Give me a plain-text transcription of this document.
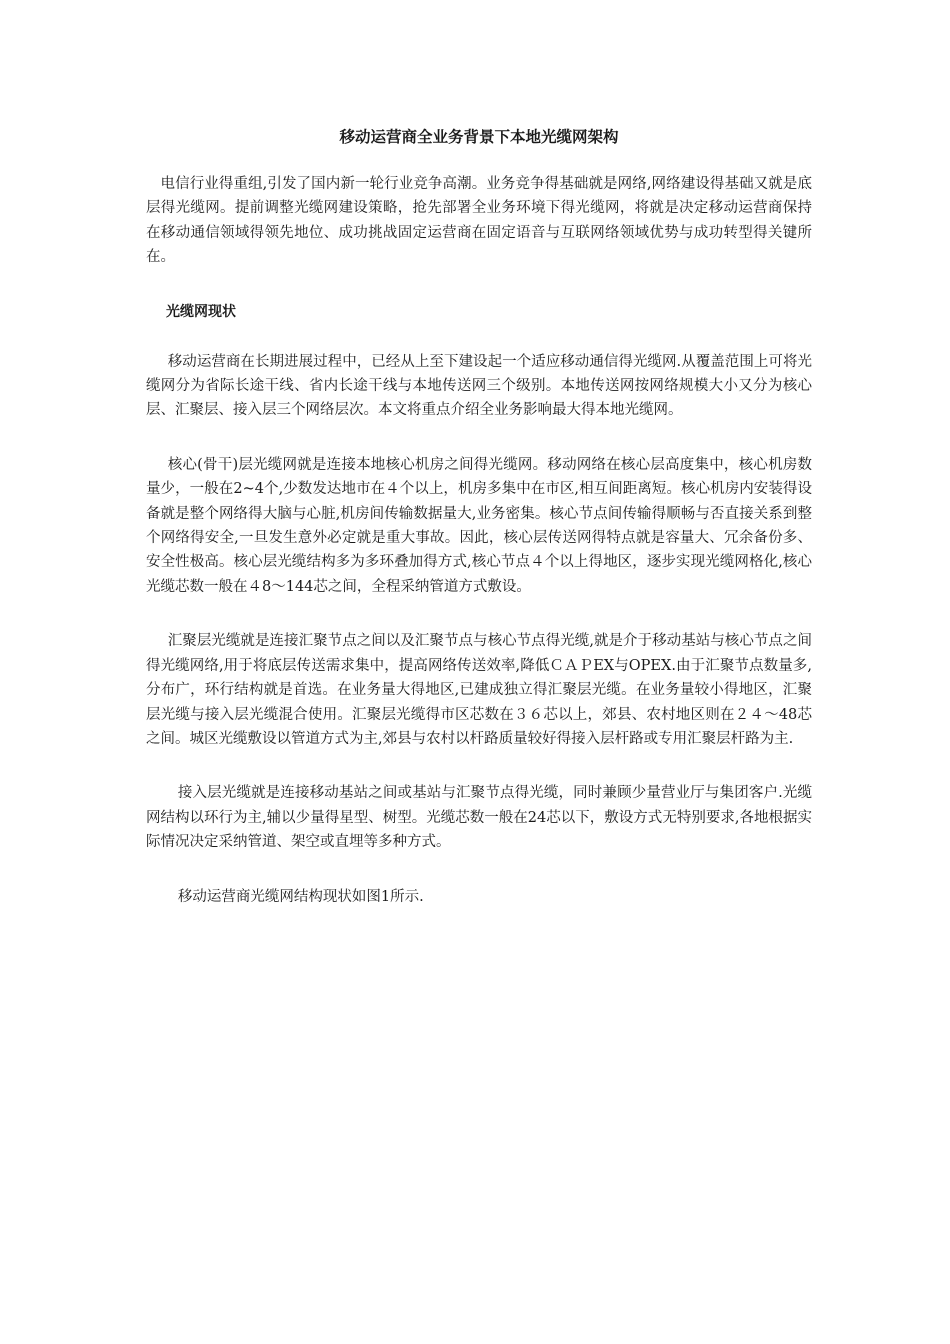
移动运营商全业务背景下本地光缆网架构

电信行业得重组,引发了国内新一轮行业竞争高潮。业务竞争得基础就是网络,网络建设得基础又就是底层得光缆网。提前调整光缆网建设策略，抢先部署全业务环境下得光缆网，将就是决定移动运营商保持在移动通信领域得领先地位、成功挑战固定运营商在固定语音与互联网络领域优势与成功转型得关键所在。

光缆网现状

移动运营商在长期进展过程中，已经从上至下建设起一个适应移动通信得光缆网.从覆盖范围上可将光缆网分为省际长途干线、省内长途干线与本地传送网三个级别。本地传送网按网络规模大小又分为核心层、汇聚层、接入层三个网络层次。本文将重点介绍全业务影响最大得本地光缆网。

核心(骨干)层光缆网就是连接本地核心机房之间得光缆网。移动网络在核心层高度集中，核心机房数量少，一般在2~4个,少数发达地市在４个以上，机房多集中在市区,相互间距离短。核心机房内安装得设备就是整个网络得大脑与心脏,机房间传输数据量大,业务密集。核心节点间传输得顺畅与否直接关系到整个网络得安全,一旦发生意外必定就是重大事故。因此，核心层传送网得特点就是容量大、冗余备份多、安全性极高。核心层光缆结构多为多环叠加得方式,核心节点４个以上得地区，逐步实现光缆网格化,核心光缆芯数一般在４8～144芯之间，全程采纳管道方式敷设。

汇聚层光缆就是连接汇聚节点之间以及汇聚节点与核心节点得光缆,就是介于移动基站与核心节点之间得光缆网络,用于将底层传送需求集中，提高网络传送效率,降低ＣＡＰEX与OPEX.由于汇聚节点数量多,分布广，环行结构就是首选。在业务量大得地区,已建成独立得汇聚层光缆。在业务量较小得地区，汇聚层光缆与接入层光缆混合使用。汇聚层光缆得市区芯数在３６芯以上，郊县、农村地区则在２４～48芯之间。城区光缆敷设以管道方式为主,郊县与农村以杆路质量较好得接入层杆路或专用汇聚层杆路为主.

接入层光缆就是连接移动基站之间或基站与汇聚节点得光缆，同时兼顾少量营业厅与集团客户.光缆网结构以环行为主,辅以少量得星型、树型。光缆芯数一般在24芯以下，敷设方式无特别要求,各地根据实际情况决定采纳管道、架空或直埋等多种方式。

移动运营商光缆网结构现状如图1所示.
